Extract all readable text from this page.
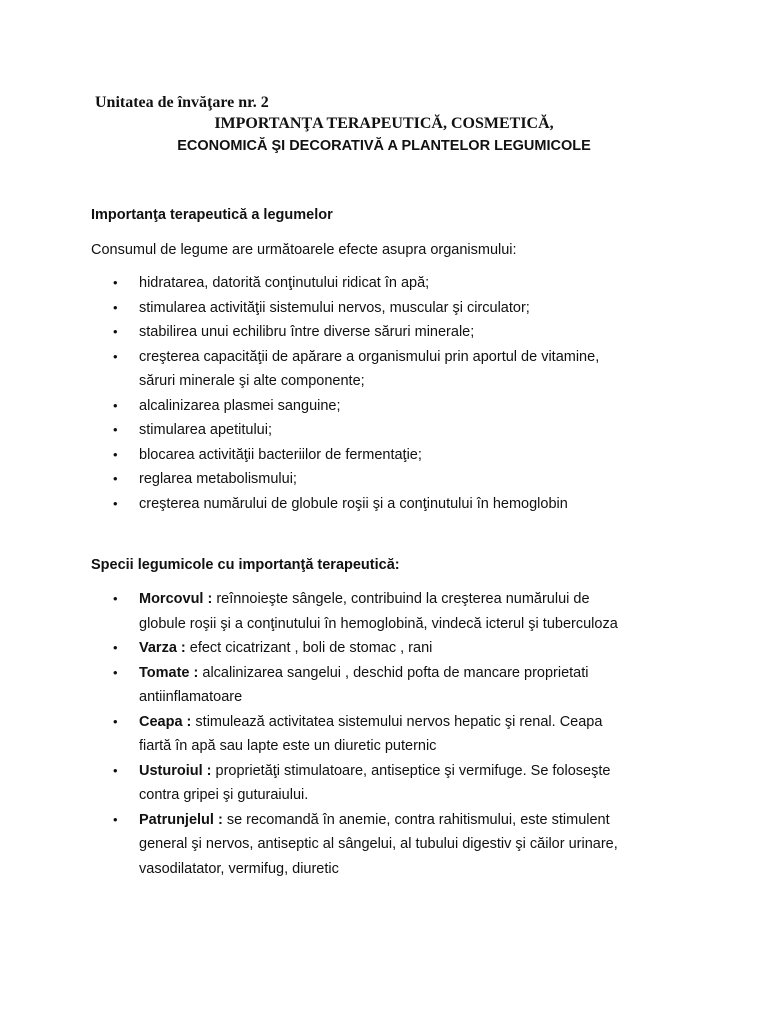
Unitatea de învăţare nr. 2
IMPORTANŢA TERAPEUTICĂ, COSMETICĂ,
ECONOMICĂ ŞI DECORATIVĂ A PLANTELOR LEGUMICOLE
Importanţa terapeutică a legumelor
Consumul de legume are următoarele efecte asupra organismului:
• hidratarea, datorită conţinutului ridicat în apă;
• stimularea activităţii sistemului nervos, muscular şi circulator;
• stabilirea unui echilibru între diverse săruri minerale;
• creşterea capacităţii de apărare a organismului prin aportul de vitamine,
săruri minerale şi alte componente;
• alcalinizarea plasmei sanguine;
• stimularea apetitului;
• blocarea activităţii bacteriilor de fermentaţie;
• reglarea metabolismului;
• creşterea numărului de globule roşii şi a conţinutului în hemoglobin
Specii legumicole cu importanţă terapeutică:
• Morcovul : reînnoieşte sângele, contribuind la creşterea numărului de
globule roşii şi a conţinutului în hemoglobină, vindecă icterul şi tuberculoza
• Varza : efect cicatrizant , boli de stomac , rani
• Tomate : alcalinizarea sangelui , deschid pofta de mancare proprietati
antiinflamatoare
• Ceapa : stimulează activitatea sistemului nervos hepatic şi renal. Ceapa
fiartă în apă sau lapte este un diuretic puternic
• Usturoiul : proprietăţi stimulatoare, antiseptice şi vermifuge. Se foloseşte
contra gripei şi guturaiului.
• Patrunjelul : se recomandă în anemie, contra rahitismului, este stimulent
general şi nervos, antiseptic al sângelui, al tubului digestiv şi căilor urinare,
vasodilatator, vermifug, diuretic
